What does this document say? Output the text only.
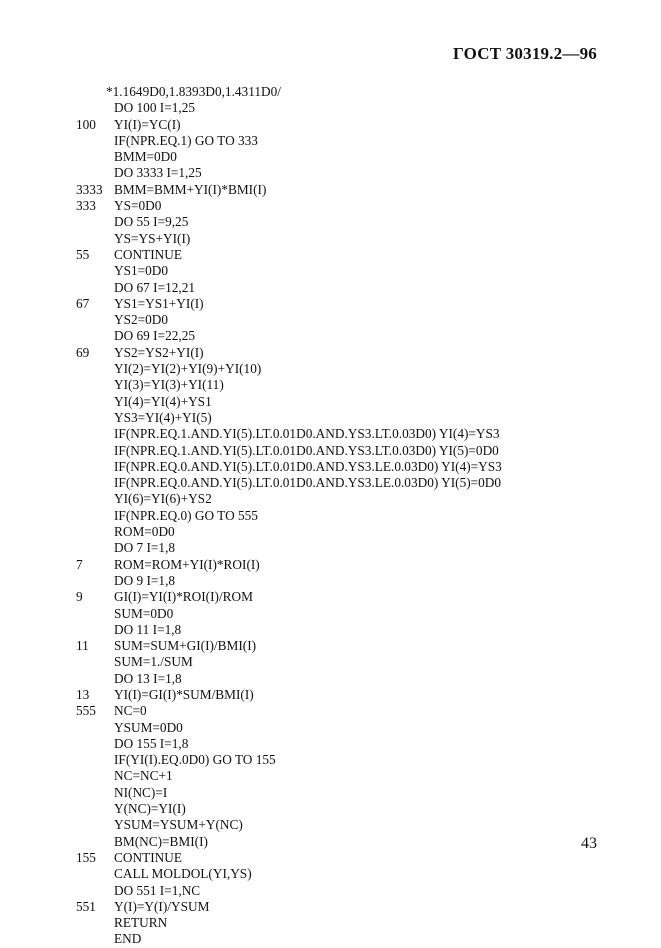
ГОСТ 30319.2—96
*1.1649D0,1.8393D0,1.4311D0/
DO 100 I=1,25
100	YI(I)=YC(I)
IF(NPR.EQ.1) GO TO 333
BMM=0D0
DO 3333 I=1,25
3333 BMM=BMM+YI(I)*BMI(I)
333	YS=0D0
DO 55 I=9,25
YS=YS+YI(I)
55	CONTINUE
YS1=0D0
DO 67 I=12,21
67	YS1=YS1+YI(I)
YS2=0D0
DO 69 I=22,25
69	YS2=YS2+YI(I)
YI(2)=YI(2)+YI(9)+YI(10)
YI(3)=YI(3)+YI(11)
YI(4)=YI(4)+YS1
YS3=YI(4)+YI(5)
IF(NPR.EQ.1.AND.YI(5).LT.0.01D0.AND.YS3.LT.0.03D0) YI(4)=YS3
IF(NPR.EQ.1.AND.YI(5).LT.0.01D0.AND.YS3.LT.0.03D0) YI(5)=0D0
IF(NPR.EQ.0.AND.YI(5).LT.0.01D0.AND.YS3.LE.0.03D0) YI(4)=YS3
IF(NPR.EQ.0.AND.YI(5).LT.0.01D0.AND.YS3.LE.0.03D0) YI(5)=0D0
YI(6)=YI(6)+YS2
IF(NPR.EQ.0) GO TO 555
ROM=0D0
DO 7 I=1,8
7	ROM=ROM+YI(I)*ROI(I)
DO 9 I=1,8
9	GI(I)=YI(I)*ROI(I)/ROM
SUM=0D0
DO 11 I=1,8
11	SUM=SUM+GI(I)/BMI(I)
SUM=1./SUM
DO 13 I=1,8
13	YI(I)=GI(I)*SUM/BMI(I)
555	NC=0
YSUM=0D0
DO 155 I=1,8
IF(YI(I).EQ.0D0) GO TO 155
NC=NC+1
NI(NC)=I
Y(NC)=YI(I)
YSUM=YSUM+Y(NC)
BM(NC)=BMI(I)
155	CONTINUE
CALL MOLDOL(YI,YS)
DO 551 I=1,NC
551	Y(I)=Y(I)/YSUM
RETURN
END
43
